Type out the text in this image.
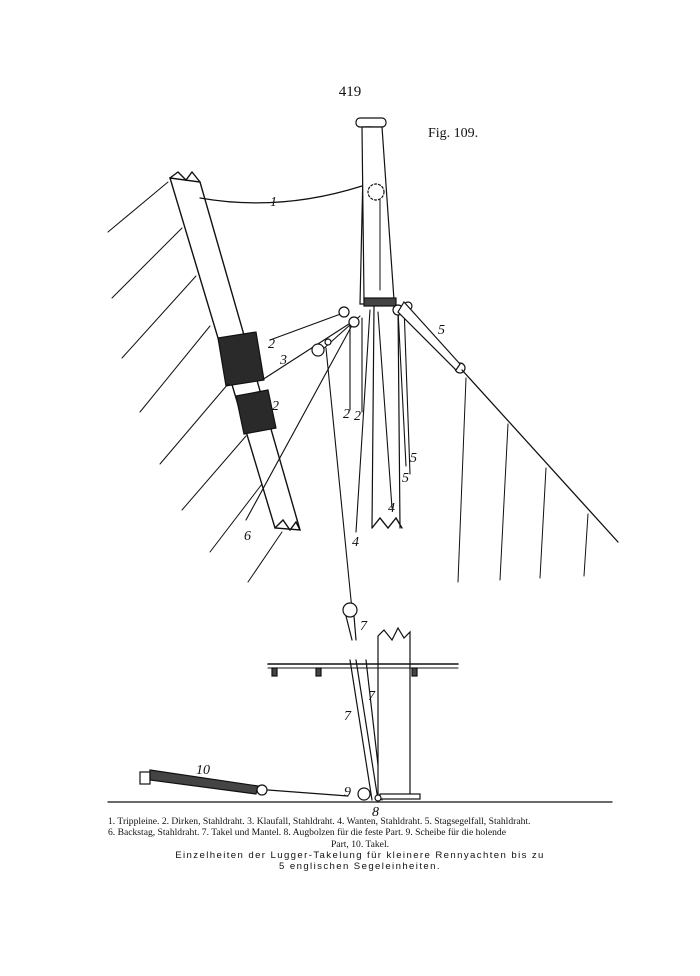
419
Fig. 109.
1
2
3
2
2 2
5
5
5
4
4
6
7
7
7
9
8
10
1. Trippleine. 2. Dirken, Stahldraht. 3. Klaufall, Stahldraht. 4. Wanten, Stahldraht. 5. Stagsegelfall, Stahldraht.
6. Backstag, Stahldraht. 7. Takel und Mantel. 8. Augbolzen für die feste Part. 9. Scheibe für die holende
Part, 10. Takel.
Einzelheiten der Lugger-Takelung für kleinere Rennyachten bis zu
5 englischen Segeleinheiten.
